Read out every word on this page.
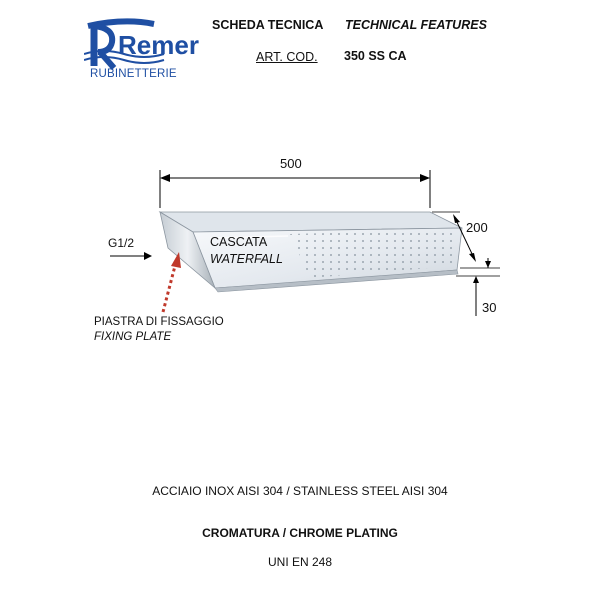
Remer
RUBINETTERIE
SCHEDA TECNICA TECHNICAL FEATURES
ART. COD. 350 SS CA
500
200
30
G1/2	CASCATA
WATERFALL
PIASTRA DI FISSAGGIO
FIXING PLATE
ACCIAIO INOX AISI 304 / STAINLESS STEEL AISI 304
CROMATURA / CHROME PLATING
UNI EN 248
